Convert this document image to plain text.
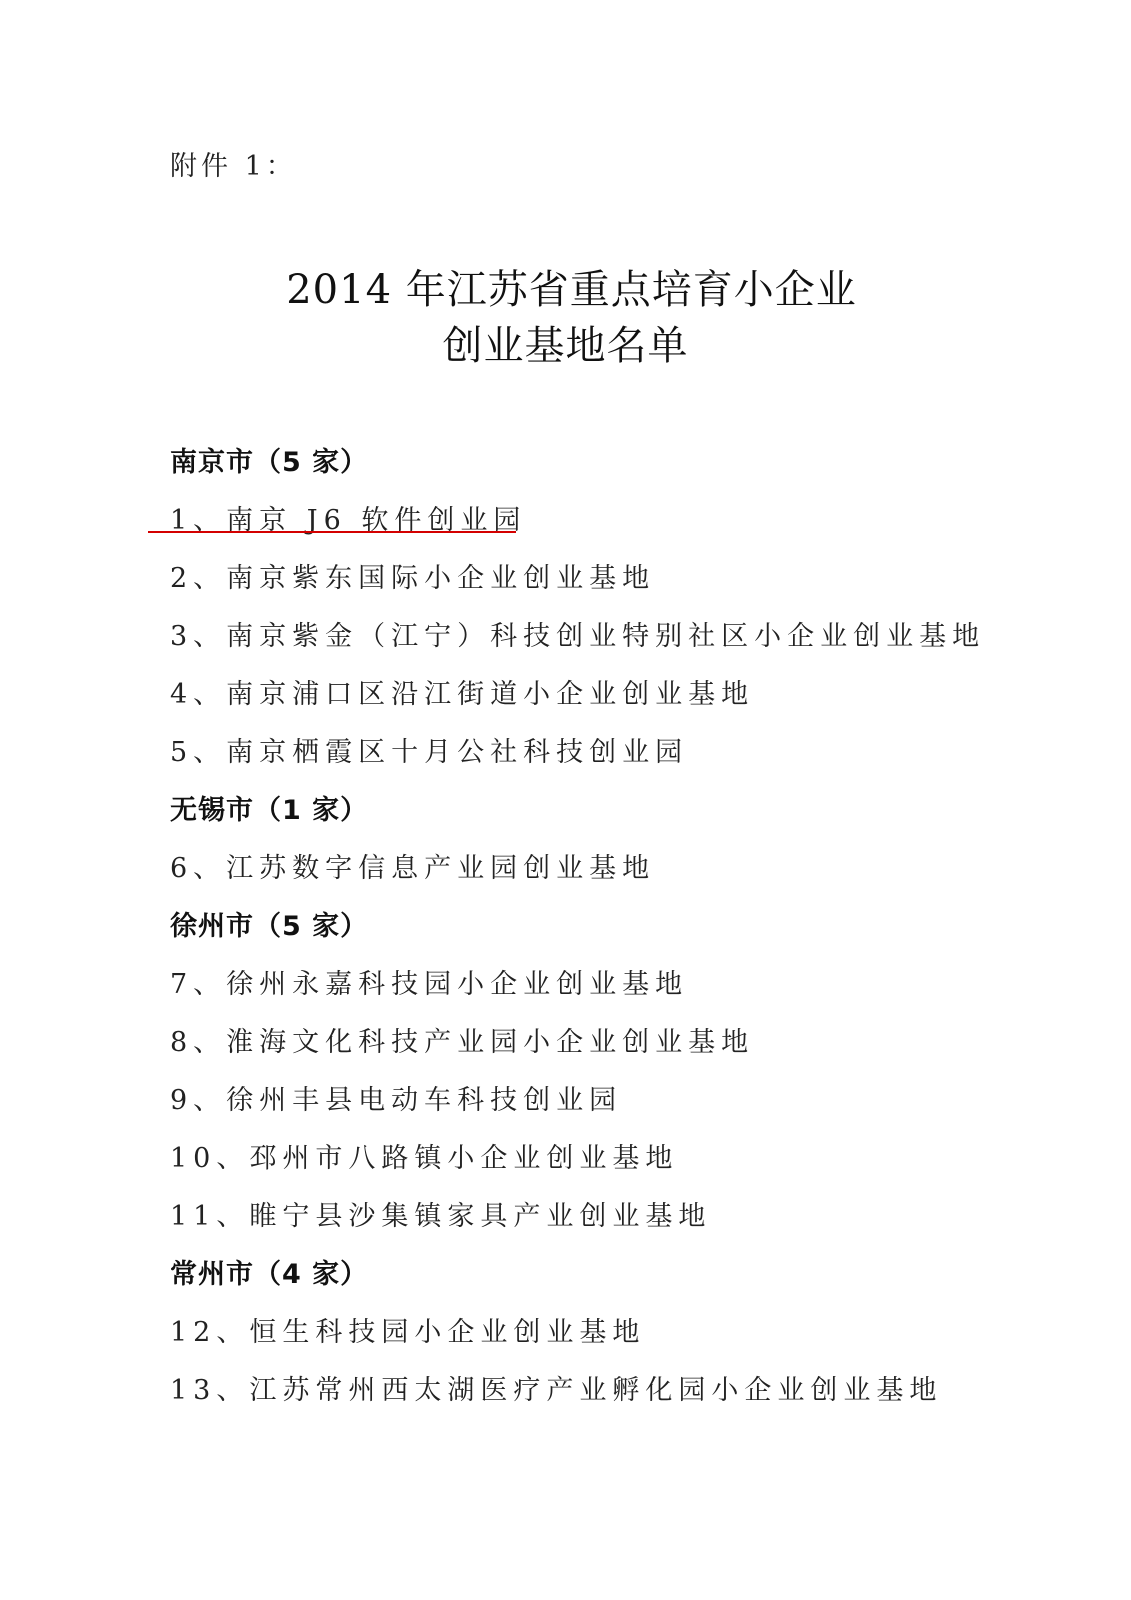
附件 1：
2014 年江苏省重点培育小企业
创业基地名单
南京市（5 家）
1、南京 J6 软件创业园
2、南京紫东国际小企业创业基地
3、南京紫金（江宁）科技创业特别社区小企业创业基地
4、南京浦口区沿江街道小企业创业基地
5、南京栖霞区十月公社科技创业园
无锡市（1 家）
6、江苏数字信息产业园创业基地
徐州市（5 家）
7、徐州永嘉科技园小企业创业基地
8、淮海文化科技产业园小企业创业基地
9、徐州丰县电动车科技创业园
10、邳州市八路镇小企业创业基地
11、睢宁县沙集镇家具产业创业基地
常州市（4 家）
12、恒生科技园小企业创业基地
13、江苏常州西太湖医疗产业孵化园小企业创业基地
